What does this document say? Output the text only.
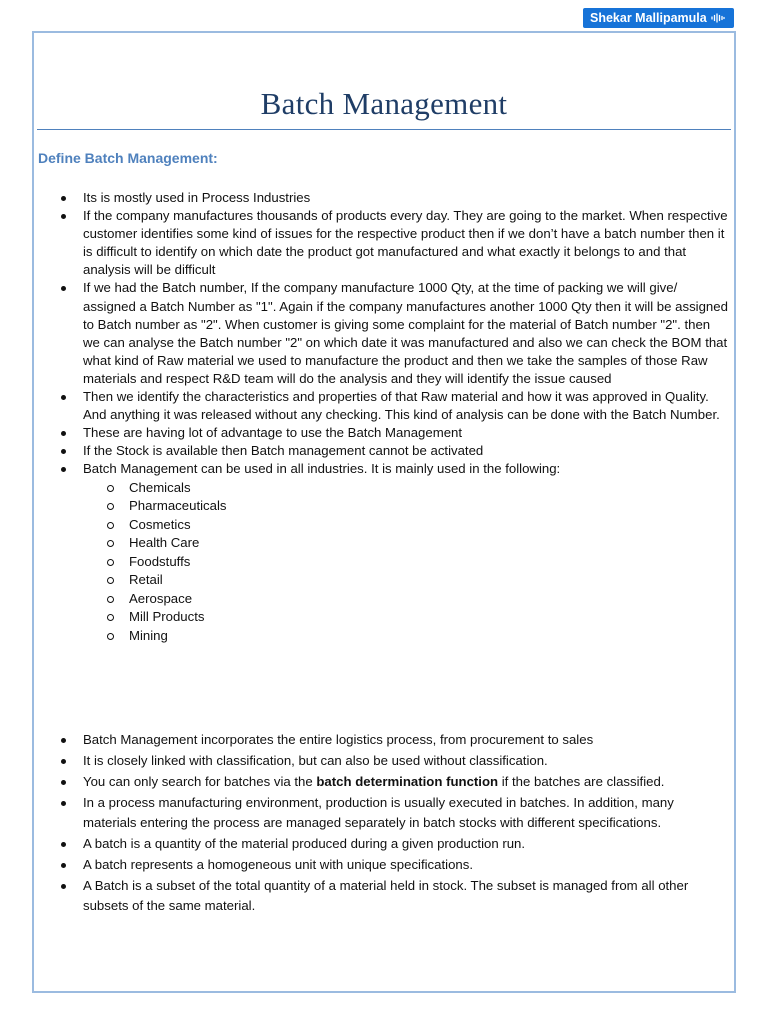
Shekar Mallipamula
Batch Management
Define Batch Management:
Its is mostly used in Process Industries
If the company manufactures thousands of products every day. They are going to the market. When respective customer identifies some kind of issues for the respective product then if we don’t have a batch number then it is difficult to identify on which date the product got manufactured and what exactly it belongs to and that analysis will be difficult
If we had the Batch number, If the company manufacture 1000 Qty, at the time of packing we will give/ assigned a Batch Number as "1". Again if the company manufactures another 1000 Qty then it will be assigned to Batch number as "2". When customer is giving some complaint for the material of Batch number "2". then we can analyse the Batch number "2" on which date it was manufactured and also we can check the BOM that what kind of Raw material we used to manufacture the product and then we take the samples of those Raw materials and respect R&D team will do the analysis and they will identify the issue caused
Then we identify the characteristics and properties of that Raw material and how it was approved in Quality. And anything it was released without any checking. This kind of analysis can be done with the Batch Number.
These are having lot of advantage to use the Batch Management
If the Stock is available then Batch management cannot be activated
Batch Management can be used in all industries. It is mainly used in the following:
Chemicals
Pharmaceuticals
Cosmetics
Health Care
Foodstuffs
Retail
Aerospace
Mill Products
Mining
Batch Management incorporates the entire logistics process, from procurement to sales
It is closely linked with classification, but can also be used without classification.
You can only search for batches via the batch determination function if the batches are classified.
In a process manufacturing environment, production is usually executed in batches. In addition, many materials entering the process are managed separately in batch stocks with different specifications.
A batch is a quantity of the material produced during a given production run.
A batch represents a homogeneous unit with unique specifications.
A Batch is a subset of the total quantity of a material held in stock. The subset is managed from all other subsets of the same material.
